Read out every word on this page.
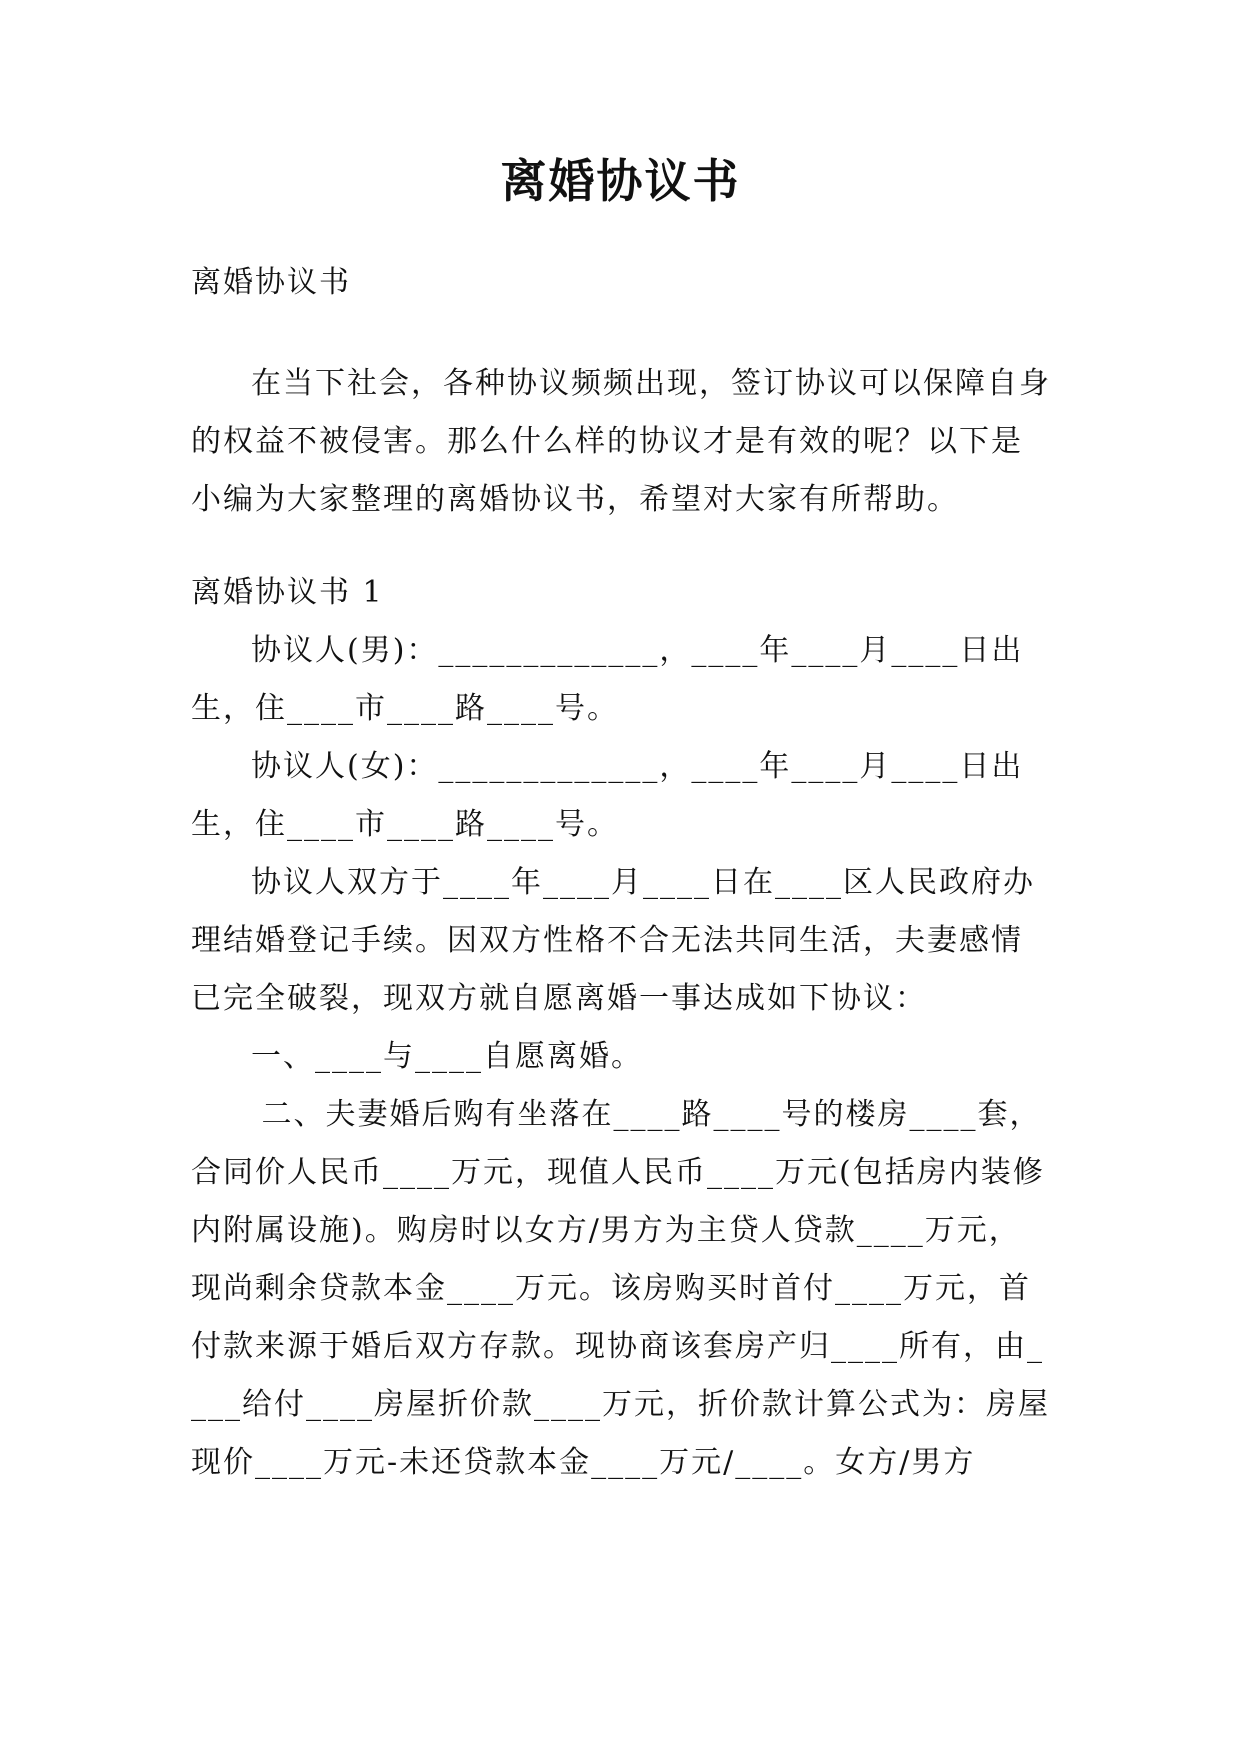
离婚协议书

离婚协议书

在当下社会，各种协议频频出现，签订协议可以保障自身的权益不被侵害。那么什么样的协议才是有效的呢？以下是小编为大家整理的离婚协议书，希望对大家有所帮助。

离婚协议书 1

协议人(男)：_____________，____年____月____日出生，住____市____路____号。

协议人(女)：_____________，____年____月____日出生，住____市____路____号。

协议人双方于____年____月____日在____区人民政府办理结婚登记手续。因双方性格不合无法共同生活，夫妻感情已完全破裂，现双方就自愿离婚一事达成如下协议：

一、____与____自愿离婚。

二、夫妻婚后购有坐落在____路____号的楼房____套，合同价人民币____万元，现值人民币____万元(包括房内装修内附属设施)。购房时以女方/男方为主贷人贷款____万元，现尚剩余贷款本金____万元。该房购买时首付____万元，首付款来源于婚后双方存款。现协商该套房产归____所有，由____给付____房屋折价款____万元，折价款计算公式为：房屋现价____万元-未还贷款本金____万元/____。女方/男方
